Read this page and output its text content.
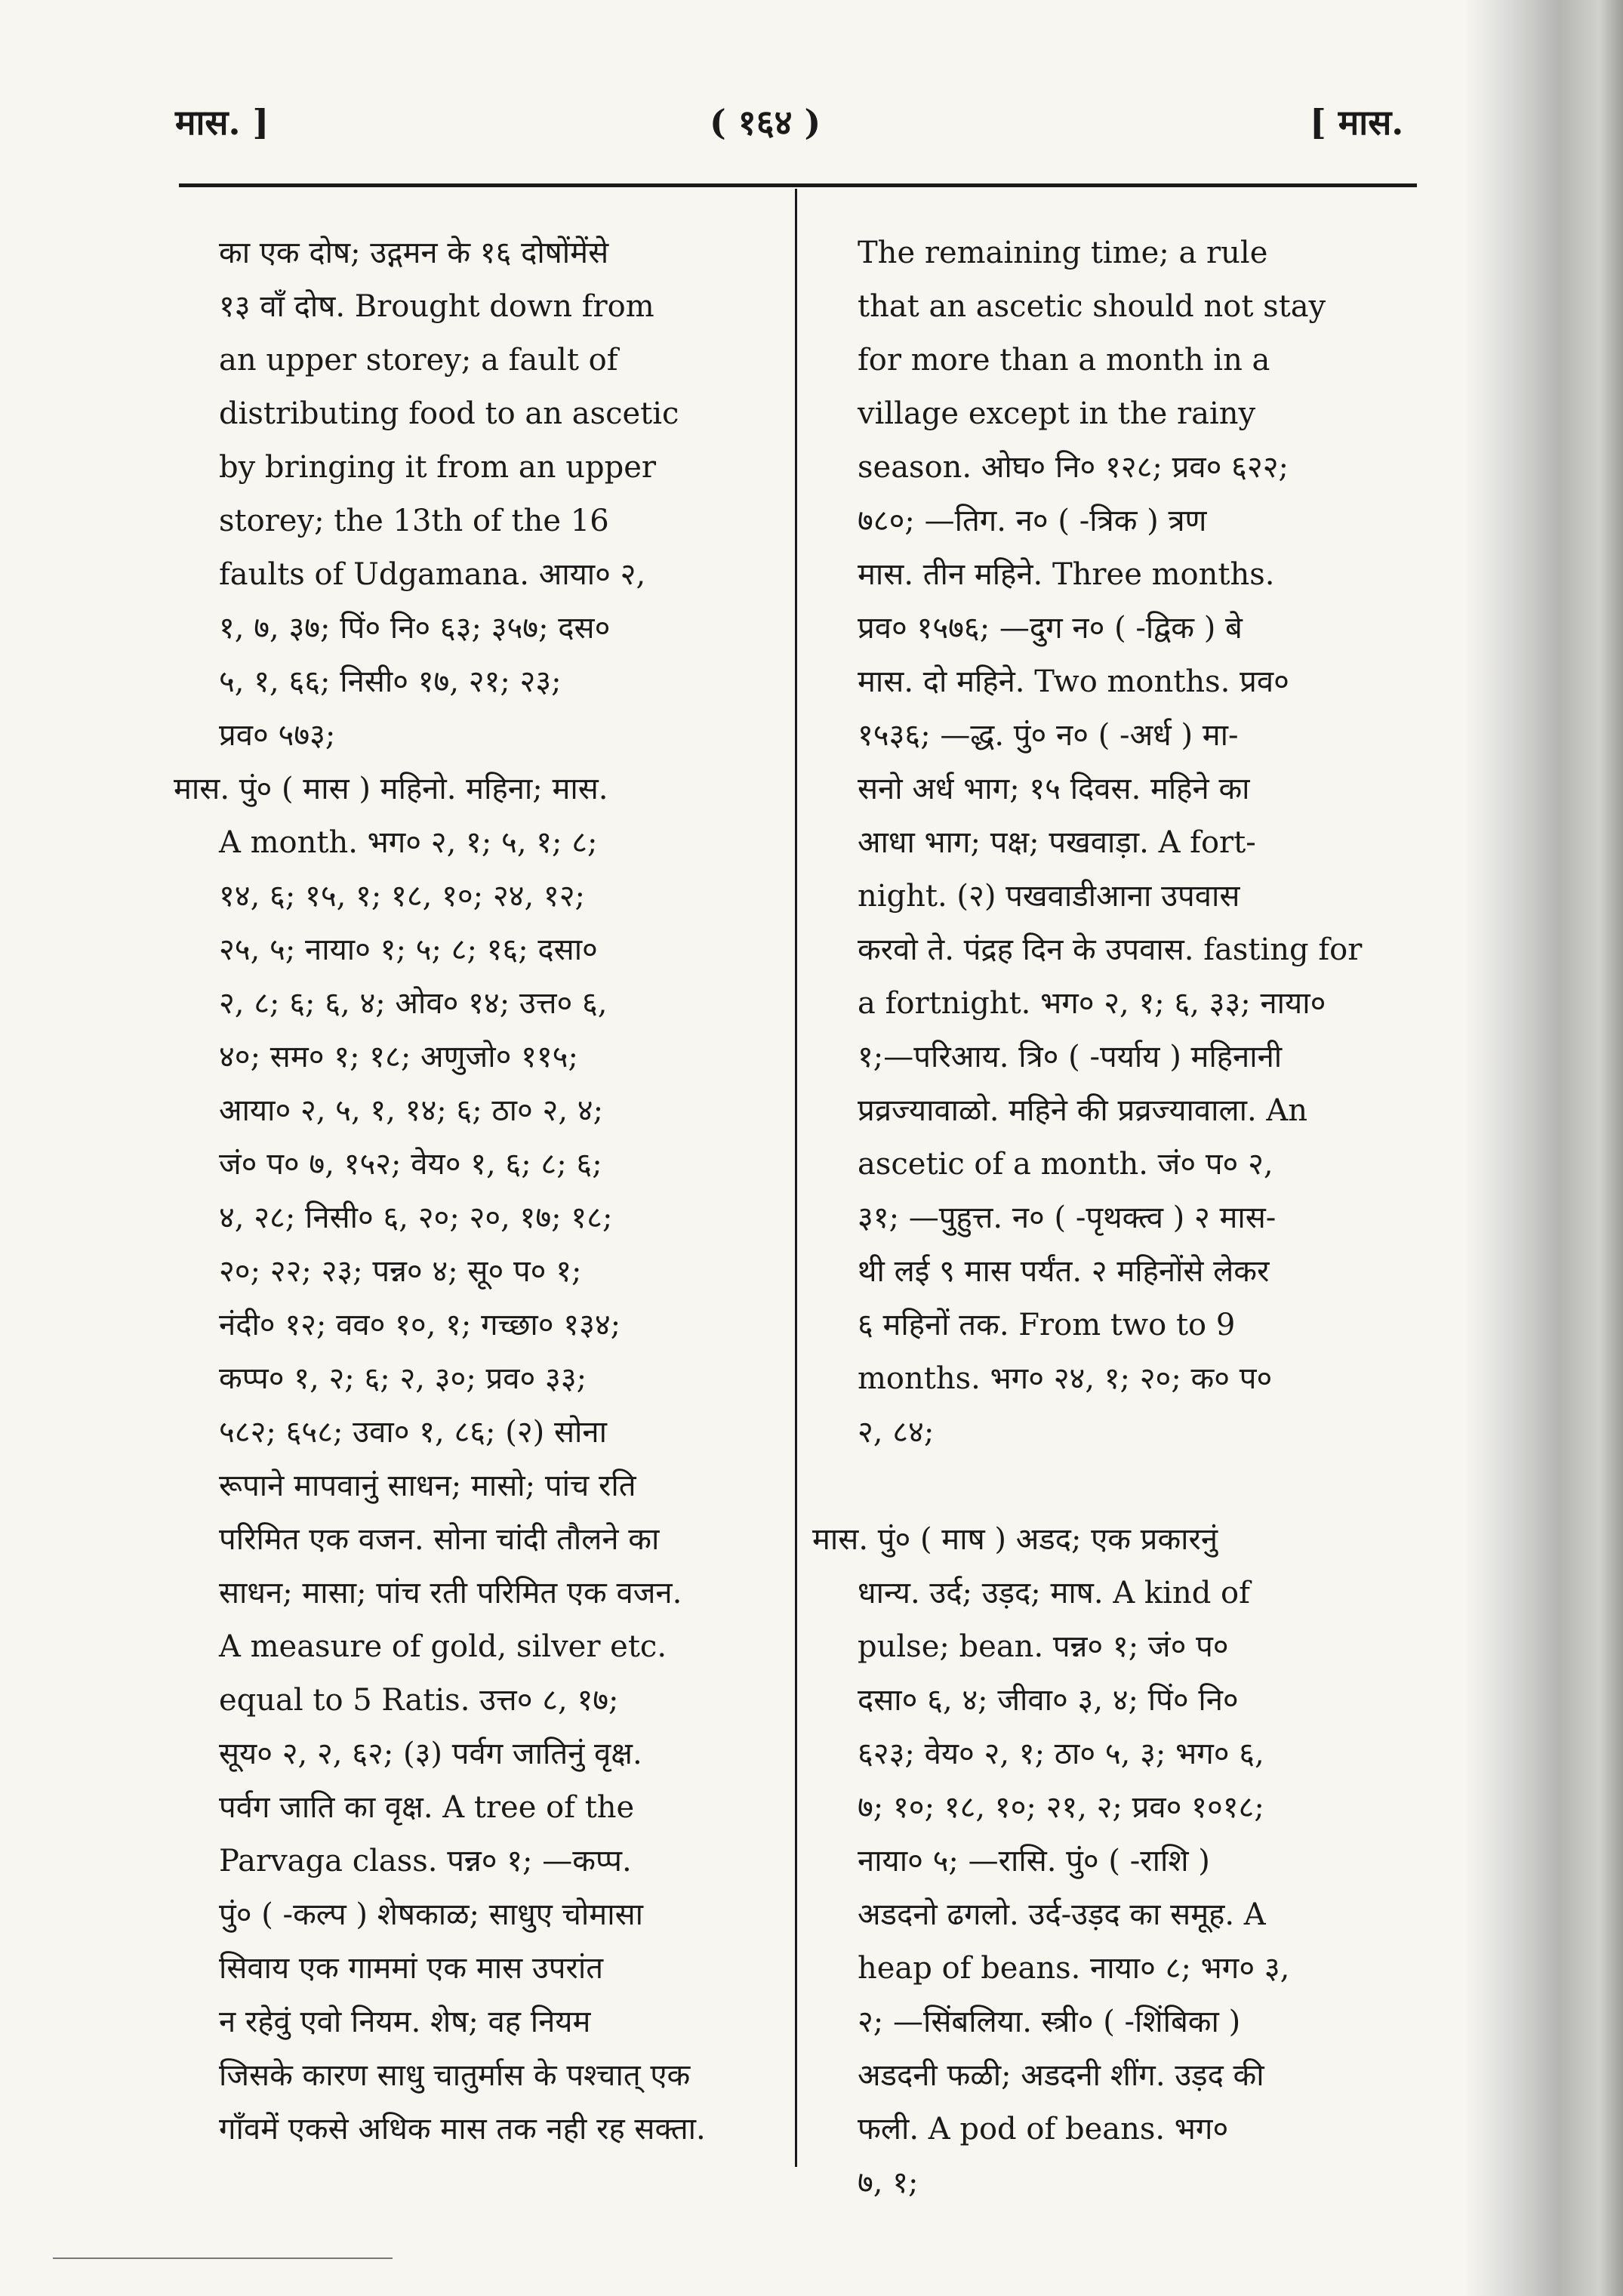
मास. ]	( १६४ )	[ मास.
का एक दोष; उद्गमन के १६ दोषोंमेंसे
१३ वाँ दोष. Brought down from
an upper storey; a fault of
distributing food to an ascetic
by bringing it from an upper
storey; the 13th of the 16
faults of Udgamana. आया० २,
१, ७, ३७; पिं० नि० ६३; ३५७; दस०
५, १, ६६; निसी० १७, २१; २३;
प्रव० ५७३;
मास. पुं० ( मास ) महिनो. महिना; मास.
A month. भग० २, १; ५, १; ८;
१४, ६; १५, १; १८, १०; २४, १२;
२५, ५; नाया० १; ५; ८; १६; दसा०
२, ८; ६; ६, ४; ओव० १४; उत्त० ६,
४०; सम० १; १८; अणुजो० ११५;
आया० २, ५, १, १४; ६; ठा० २, ४;
जं० प० ७, १५२; वेय० १, ६; ८; ६;
४, २८; निसी० ६, २०; २०, १७; १८;
२०; २२; २३; पन्न० ४; सू० प० १;
नंदी० १२; वव० १०, १; गच्छा० १३४;
कप्प० १, २; ६; २, ३०; प्रव० ३३;
५८२; ६५८; उवा० १, ८६; (२) सोना
रूपाने मापवानुं साधन; मासो; पांच रति
परिमित एक वजन. सोना चांदी तौलने का
साधन; मासा; पांच रती परिमित एक वजन.
A measure of gold, silver etc.
equal to 5 Ratis. उत्त० ८, १७;
सूय० २, २, ६२; (३) पर्वग जातिनुं वृक्ष.
पर्वग जाति का वृक्ष. A tree of the
Parvaga class. पन्न० १; —कप्प.
पुं० ( -कल्प ) शेषकाळ; साधुए चोमासा
सिवाय एक गाममां एक मास उपरांत
न रहेवुं एवो नियम. शेष; वह नियम
जिसके कारण साधु चातुर्मास के पश्चात् एक
गाँवमें एकसे अधिक मास तक नही रह सक्ता.
The remaining time; a rule
that an ascetic should not stay
for more than a month in a
village except in the rainy
season. ओघ० नि० १२८; प्रव० ६२२;
७८०; —तिग. न० ( -त्रिक ) त्रण
मास. तीन महिने. Three months.
प्रव० १५७६; —दुग न० ( -द्विक ) बे
मास. दो महिने. Two months. प्रव०
१५३६; —द्ध. पुं० न० ( -अर्ध ) मा-
सनो अर्ध भाग; १५ दिवस. महिने का
आधा भाग; पक्ष; पखवाड़ा. A fort-
night. (२) पखवाडीआना उपवास
करवो ते. पंद्रह दिन के उपवास. fasting for
a fortnight. भग० २, १; ६, ३३; नाया०
१;—परिआय. त्रि० ( -पर्याय ) महिनानी
प्रव्रज्यावाळो. महिने की प्रव्रज्यावाला. An
ascetic of a month. जं० प० २,
३१; —पुहुत्त. न० ( -पृथक्त्व ) २ मास-
थी लई ९ मास पर्यंत. २ महिनोंसे लेकर
६ महिनों तक. From two to 9
months. भग० २४, १; २०; क० प०
२, ८४;
मास. पुं० ( माष ) अडद; एक प्रकारनुं
धान्य. उर्द; उड़द; माष. A kind of
pulse; bean. पन्न० १; जं० प०
दसा० ६, ४; जीवा० ३, ४; पिं० नि०
६२३; वेय० २, १; ठा० ५, ३; भग० ६,
७; १०; १८, १०; २१, २; प्रव० १०१८;
नाया० ५; —रासि. पुं० ( -राशि )
अडदनो ढगलो. उर्द-उड़द का समूह. A
heap of beans. नाया० ८; भग० ३,
२; —सिंबलिया. स्त्री० ( -शिंबिका )
अडदनी फळी; अडदनी शींग. उड़द की
फली. A pod of beans. भग०
७, १;
